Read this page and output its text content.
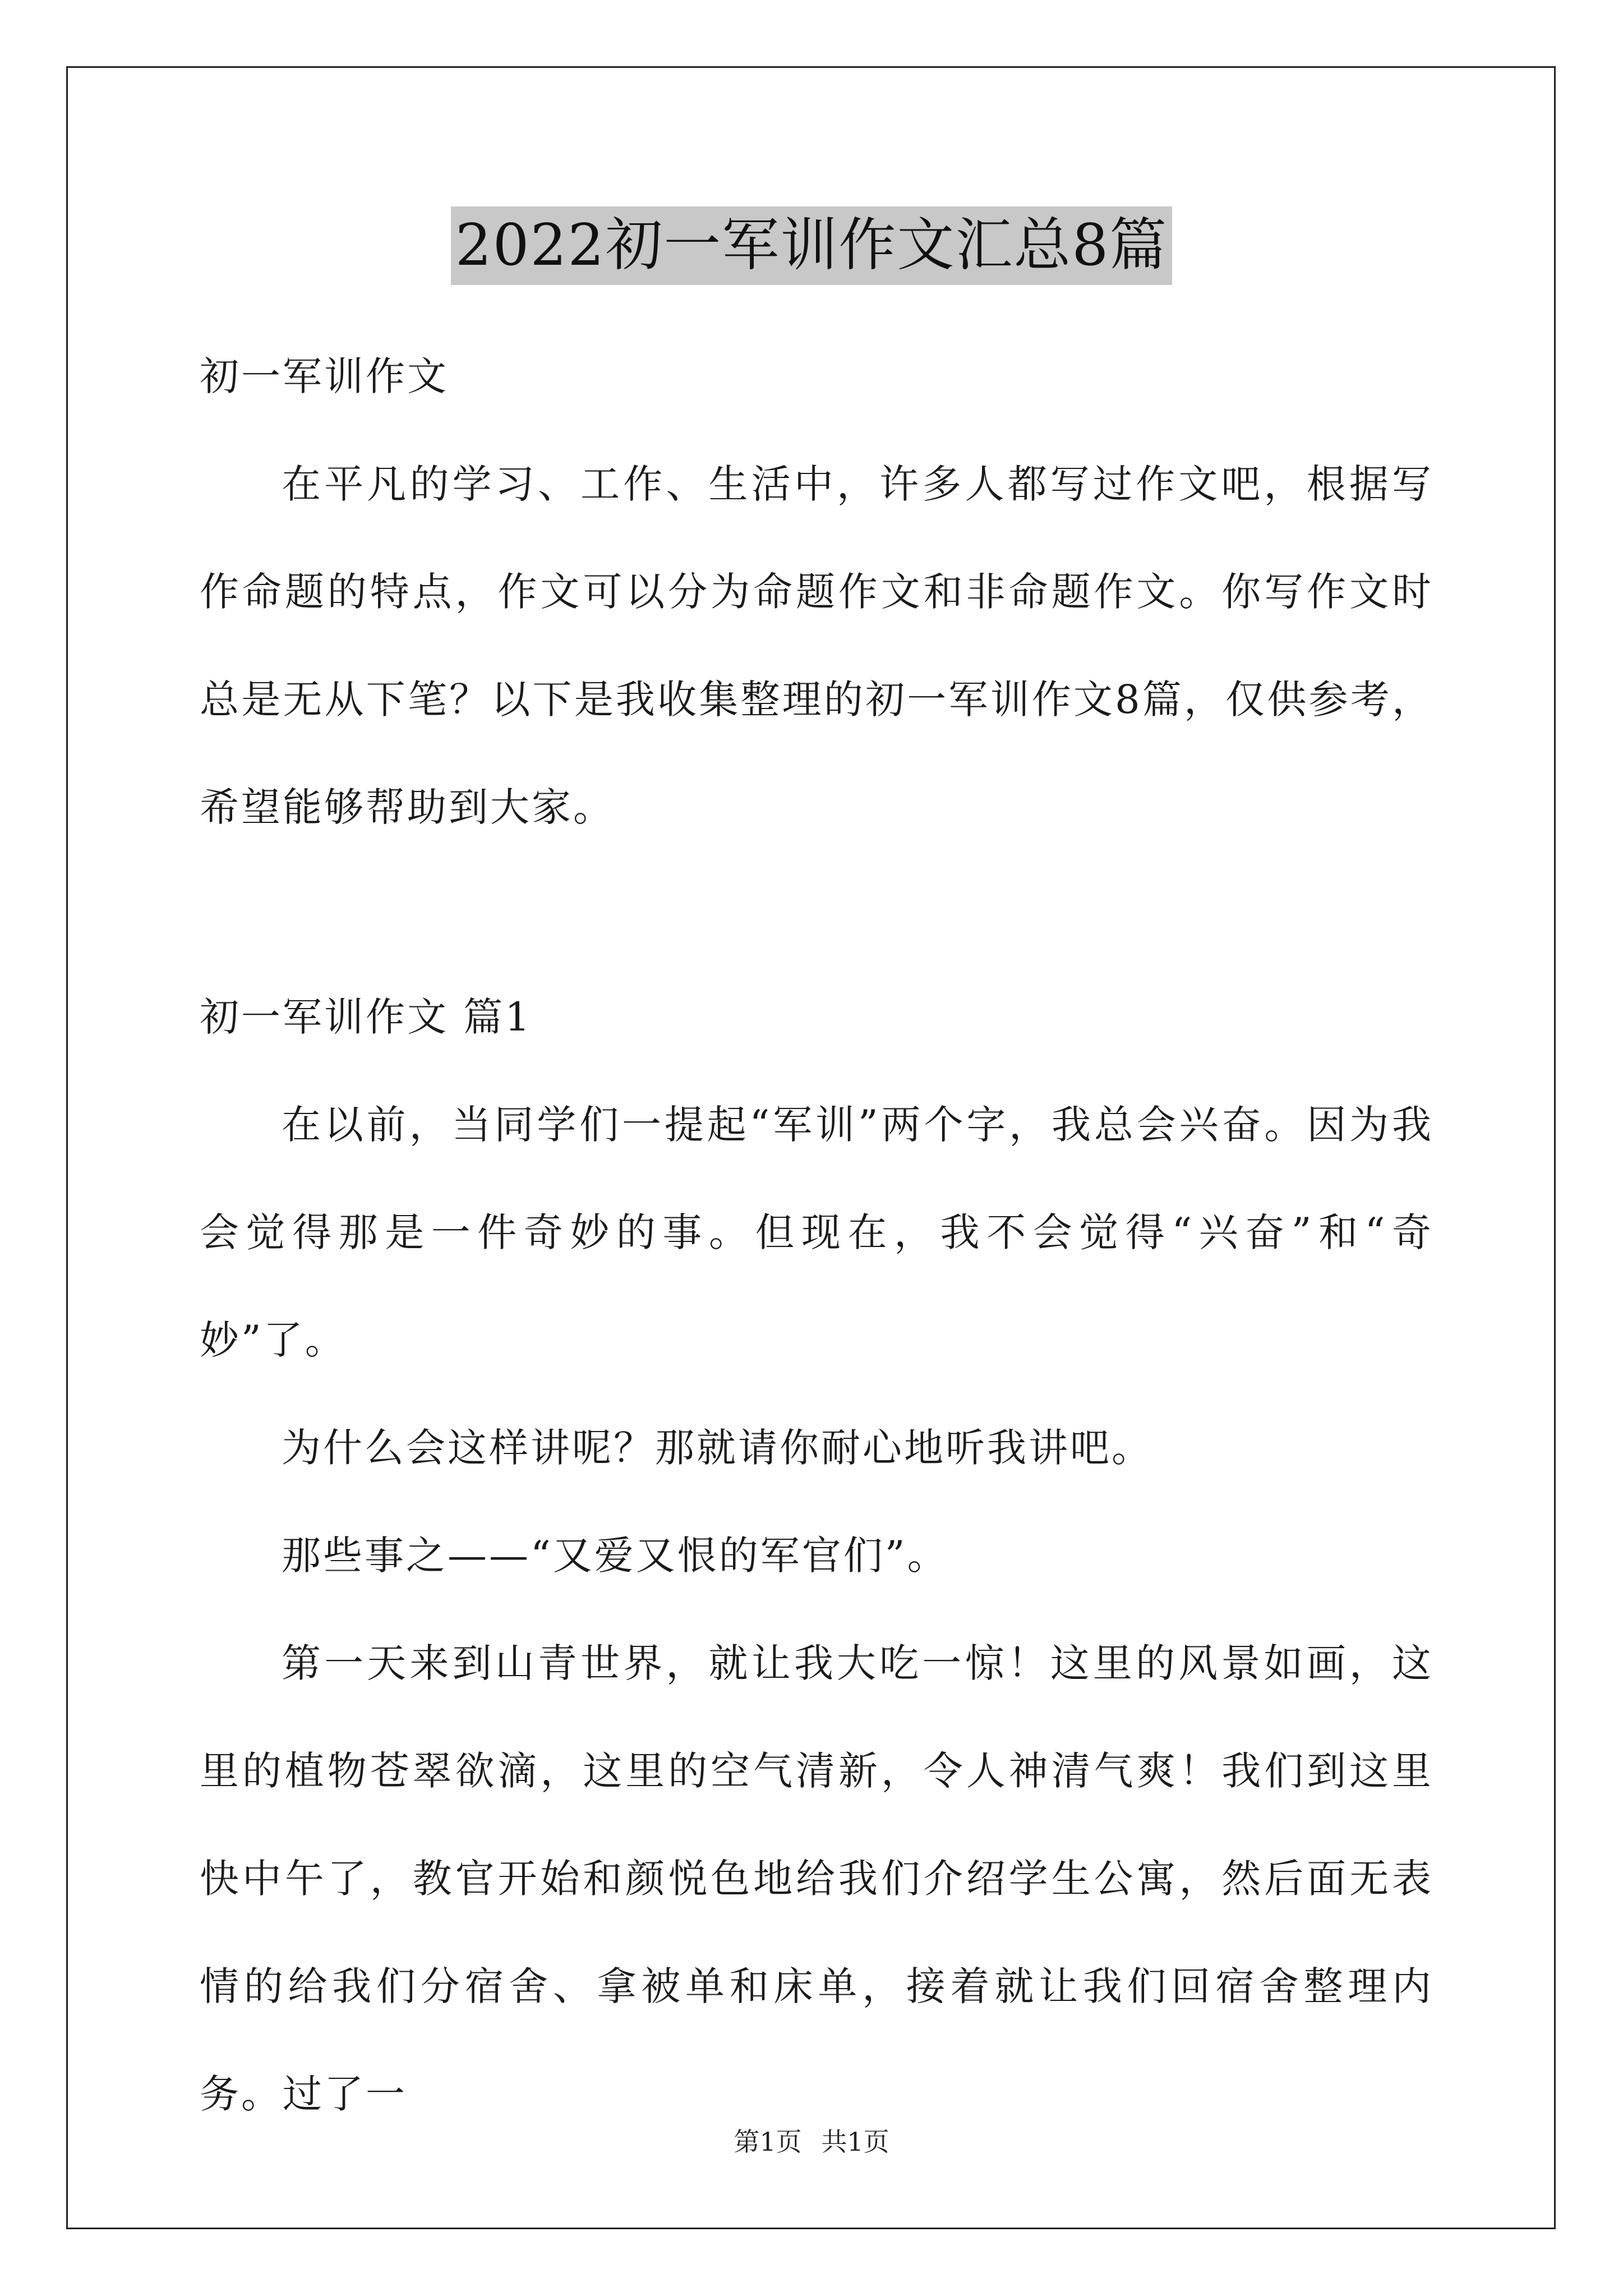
2022初一军训作文汇总8篇

初一军训作文

在平凡的学习、工作、生活中，许多人都写过作文吧，根据写作命题的特点，作文可以分为命题作文和非命题作文。你写作文时总是无从下笔？以下是我收集整理的初一军训作文8篇，仅供参考，希望能够帮助到大家。

初一军训作文 篇1

在以前，当同学们一提起“军训”两个字，我总会兴奋。因为我会觉得那是一件奇妙的事。但现在，我不会觉得“兴奋”和“奇妙”了。

为什么会这样讲呢？那就请你耐心地听我讲吧。

那些事之——“又爱又恨的军官们”。

第一天来到山青世界，就让我大吃一惊！这里的风景如画，这里的植物苍翠欲滴，这里的空气清新，令人神清气爽！我们到这里快中午了，教官开始和颜悦色地给我们介绍学生公寓，然后面无表情的给我们分宿舍、拿被单和床单，接着就让我们回宿舍整理内务。过了一

第1页 共1页
